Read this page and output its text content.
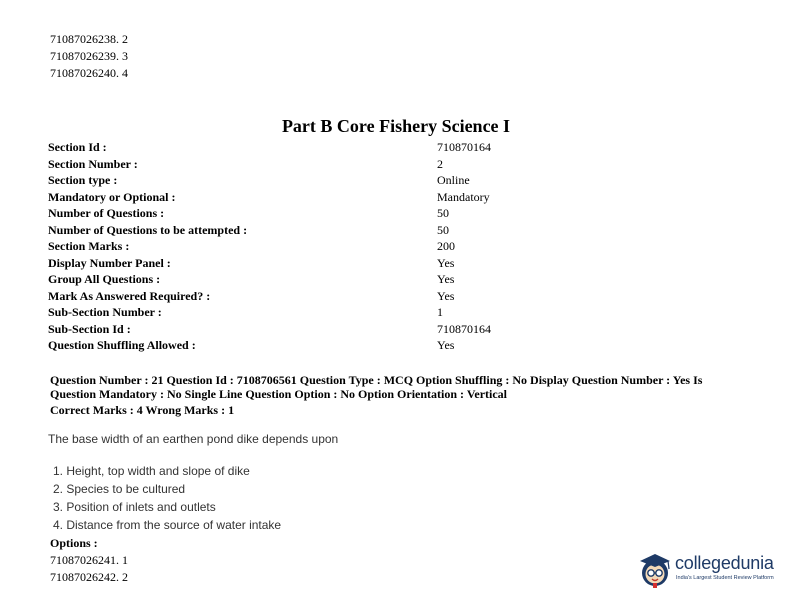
71087026238. 2
71087026239. 3
71087026240. 4
Part B Core Fishery Science I
Section Id :	710870164
Section Number :	2
Section type :	Online
Mandatory or Optional :	Mandatory
Number of Questions :	50
Number of Questions to be attempted :	50
Section Marks :	200
Display Number Panel :	Yes
Group All Questions :	Yes
Mark As Answered Required? :	Yes
Sub-Section Number :	1
Sub-Section Id :	710870164
Question Shuffling Allowed :	Yes
Question Number : 21 Question Id : 7108706561 Question Type : MCQ Option Shuffling : No Display Question Number : Yes Is Question Mandatory : No Single Line Question Option : No Option Orientation : Vertical
Correct Marks : 4 Wrong Marks : 1
The base width of an earthen pond dike depends upon
1. Height, top width and slope of dike
2. Species to be cultured
3. Position of inlets and outlets
4. Distance from the source of water intake
Options :
71087026241. 1
71087026242. 2
collegedunia
India's Largest Student Review Platform
